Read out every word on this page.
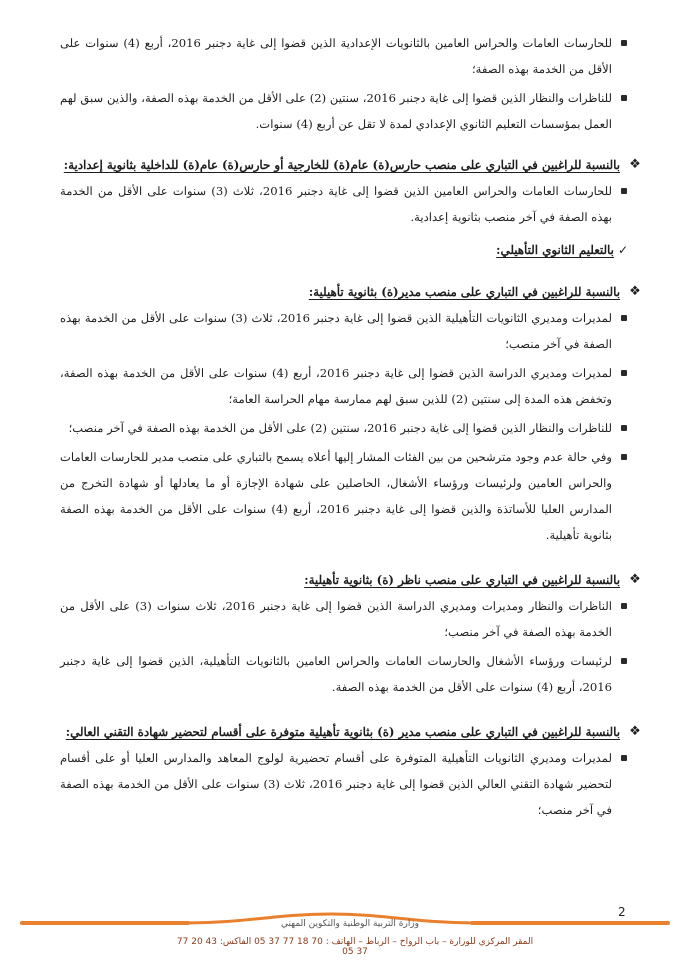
للحارسات العامات والحراس العامين بالثانويات الإعدادية الذين قضوا إلى غاية دجنبر 2016، أربع (4) سنوات على الأقل من الخدمة بهذه الصفة؛
للناظرات والنظار الذين قضوا إلى غاية دجنبر 2016، سنتين (2) على الأقل من الخدمة بهذه الصفة، والذين سبق لهم العمل بمؤسسات التعليم الثانوي الإعدادي لمدة لا تقل عن أربع (4) سنوات.
❖
بالنسبة للراغبين في التباري على منصب حارس(ة) عام(ة) للخارجية أو حارس(ة) عام(ة) للداخلية بثانوية إعدادية:
للحارسات العامات والحراس العامين الذين قضوا إلى غاية دجنبر 2016، ثلاث (3) سنوات على الأقل من الخدمة بهذه الصفة في آخر منصب بثانوية إعدادية.
✓
بالتعليم الثانوي التأهيلي:
❖
بالنسبة للراغبين في التباري على منصب مدير(ة) بثانوية تأهيلية:
لمديرات ومديري الثانويات التأهيلية الذين قضوا إلى غاية دجنبر 2016، ثلاث (3) سنوات على الأقل من الخدمة بهذه الصفة في آخر منصب؛
لمديرات ومديري الدراسة الذين قضوا إلى غاية دجنبر 2016، أربع (4) سنوات على الأقل من الخدمة بهذه الصفة، وتخفض هذه المدة إلى سنتين (2) للذين سبق لهم ممارسة مهام الحراسة العامة؛
للناظرات والنظار الذين قضوا إلى غاية دجنبر 2016، سنتين (2) على الأقل من الخدمة بهذه الصفة في آخر منصب؛
وفي حالة عدم وجود مترشحين من بين الفئات المشار إليها أعلاه يسمح بالتباري على منصب مدير للحارسات العامات والحراس العامين ولرئيسات ورؤساء الأشغال، الحاصلين على شهادة الإجازة أو ما يعادلها أو شهادة التخرج من المدارس العليا للأساتذة والذين قضوا إلى غاية دجنبر 2016، أربع (4) سنوات على الأقل من الخدمة بهذه الصفة بثانوية تأهيلية.
❖
بالنسبة للراغبين في التباري على منصب ناظر (ة) بثانوية تأهيلية:
الناظرات والنظار ومديرات ومديري الدراسة الذين قضوا إلى غاية دجنبر 2016، ثلاث سنوات (3) على الأقل من الخدمة بهذه الصفة في آخر منصب؛
لرئيسات ورؤساء الأشغال والحارسات العامات والحراس العامين بالثانويات التأهيلية، الذين قضوا إلى غاية دجنبر 2016، أربع (4) سنوات على الأقل من الخدمة بهذه الصفة.
❖
بالنسبة للراغبين في التباري على منصب مدير (ة) بثانوية تأهيلية متوفرة على أقسام لتحضير شهادة التقني العالي:
لمديرات ومديري الثانويات التأهيلية المتوفرة على أقسام تحضيرية لولوج المعاهد والمدارس العليا أو على أقسام لتحضير شهادة التقني العالي الذين قضوا إلى غاية دجنبر 2016، ثلاث (3) سنوات على الأقل من الخدمة بهذه الصفة في آخر منصب؛
2
وزارة التربية الوطنية والتكوين المهني
المقر المركزي للوزارة – باب الرواح – الرباط – الهاتف : 70 18 77 37 05 الفاكس: 43 20 77 37 05
